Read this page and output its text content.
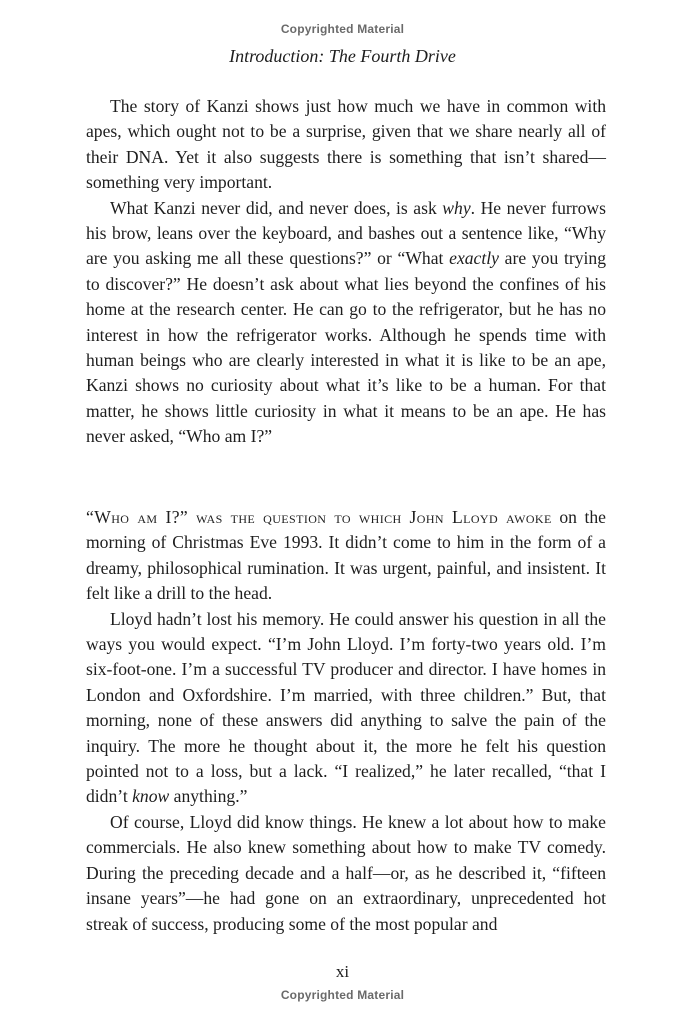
Copyrighted Material
Introduction: The Fourth Drive

The story of Kanzi shows just how much we have in common with apes, which ought not to be a surprise, given that we share nearly all of their DNA. Yet it also suggests there is something that isn’t shared—something very important.

What Kanzi never did, and never does, is ask why. He never furrows his brow, leans over the keyboard, and bashes out a sentence like, “Why are you asking me all these questions?” or “What exactly are you trying to discover?” He doesn’t ask about what lies beyond the confines of his home at the research center. He can go to the refrigerator, but he has no interest in how the refrigerator works. Although he spends time with human beings who are clearly interested in what it is like to be an ape, Kanzi shows no curiosity about what it’s like to be a human. For that matter, he shows little curiosity in what it means to be an ape. He has never asked, “Who am I?”

“Who am I?” was the question to which John Lloyd awoke on the morning of Christmas Eve 1993. It didn’t come to him in the form of a dreamy, philosophical rumination. It was urgent, painful, and insistent. It felt like a drill to the head.

Lloyd hadn’t lost his memory. He could answer his question in all the ways you would expect. “I’m John Lloyd. I’m forty-two years old. I’m six-foot-one. I’m a successful TV producer and director. I have homes in London and Oxfordshire. I’m married, with three children.” But, that morning, none of these answers did anything to salve the pain of the inquiry. The more he thought about it, the more he felt his question pointed not to a loss, but a lack. “I realized,” he later recalled, “that I didn’t know anything.”

Of course, Lloyd did know things. He knew a lot about how to make commercials. He also knew something about how to make TV comedy. During the preceding decade and a half—or, as he described it, “fifteen insane years”—he had gone on an extraordinary, unprecedented hot streak of success, producing some of the most popular and

xi
Copyrighted Material
